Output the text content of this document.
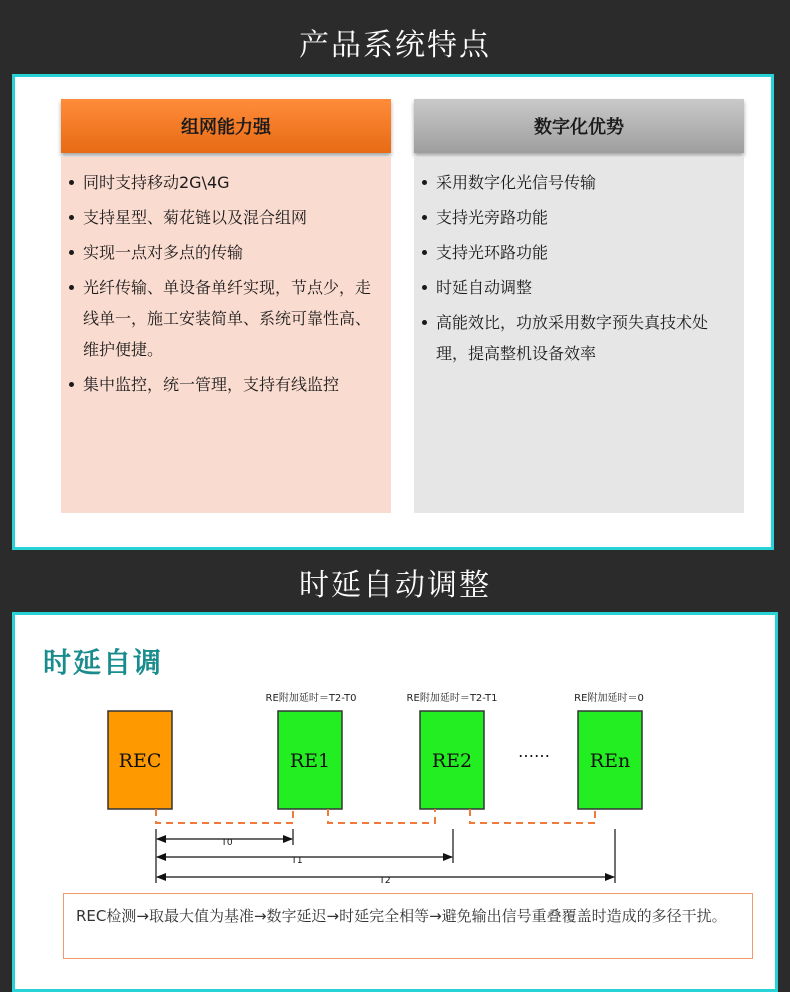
产品系统特点
组网能力强	数字化优势
同时支持移动2G\4G
支持星型、菊花链以及混合组网
实现一点对多点的传输
光纤传输、单设备单纤实现，节点少，走线单一，施工安装简单、系统可靠性高、维护便捷。
集中监控，统一管理，支持有线监控
采用数字化光信号传输
支持光旁路功能
支持光环路功能
时延自动调整
高能效比，功放采用数字预失真技术处理，提高整机设备效率
时延自动调整
时延自调
RE附加延时＝T2-T0	RE附加延时＝T2-T1	RE附加延时＝0
REC	RE1	RE2	…… REn
T0
T1
T2
REC检测→取最大值为基准→数字延迟→时延完全相等→避免输出信号重叠覆盖时造成的多径干扰。
